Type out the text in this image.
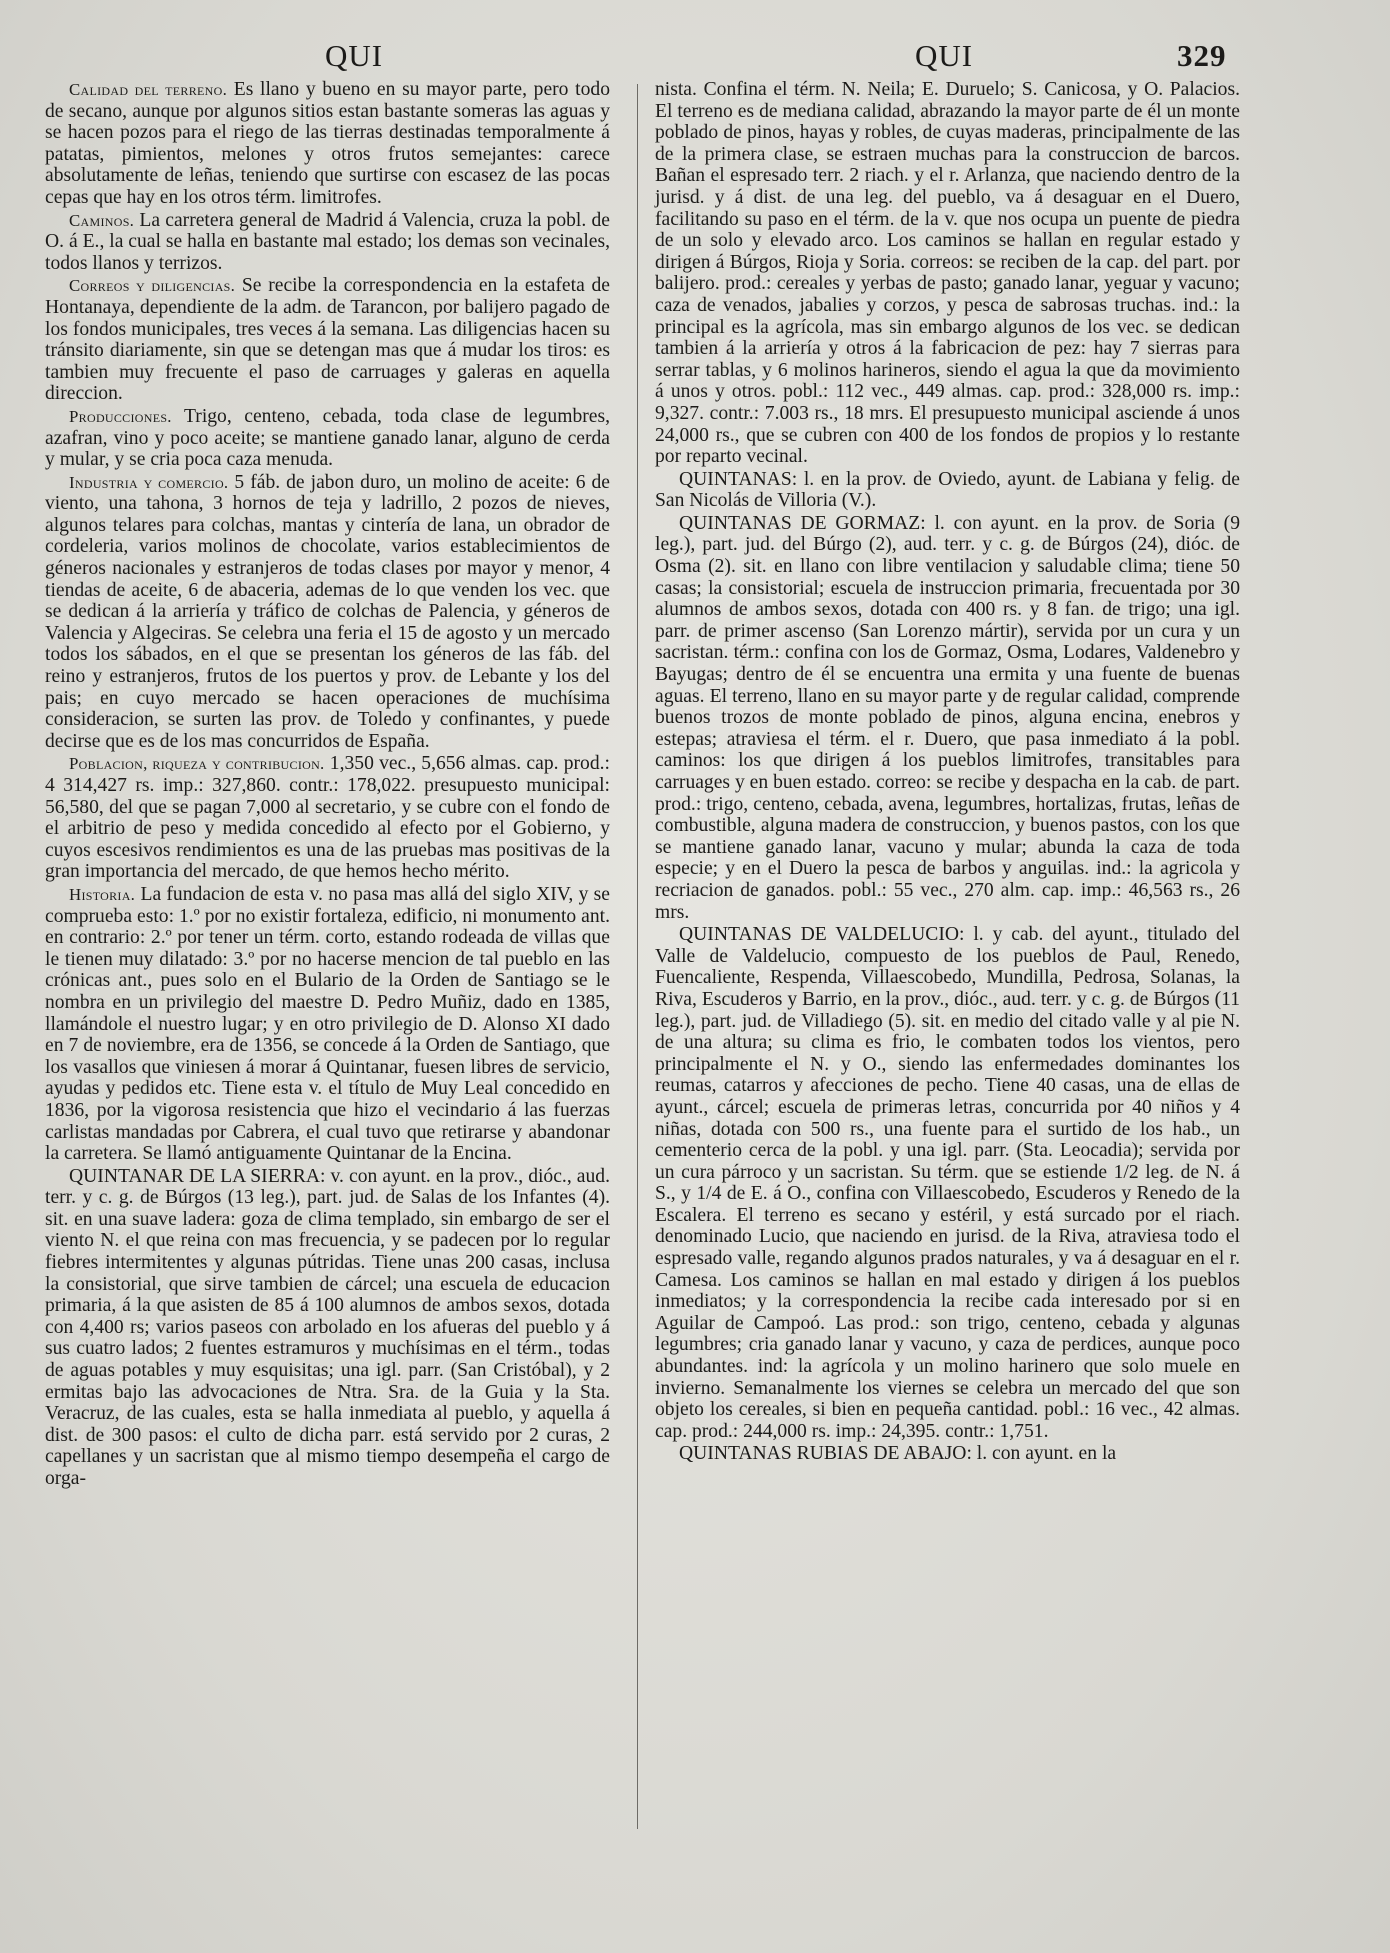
QUI	QUI	329

Calidad del terreno. Es llano y bueno en su mayor parte, pero todo de secano, aunque por algunos sitios estan bastante someras las aguas y se hacen pozos para el riego de las tierras destinadas temporalmente á patatas, pimientos, melones y otros frutos semejantes: carece absolutamente de leñas, teniendo que surtirse con escasez de las pocas cepas que hay en los otros térm. limitrofes.

Caminos. La carretera general de Madrid á Valencia, cruza la pobl. de O. á E., la cual se halla en bastante mal estado; los demas son vecinales, todos llanos y terrizos.

Correos y diligencias. Se recibe la correspondencia en la estafeta de Hontanaya, dependiente de la adm. de Tarancon, por balijero pagado de los fondos municipales, tres veces á la semana. Las diligencias hacen su tránsito diariamente, sin que se detengan mas que á mudar los tiros: es tambien muy frecuente el paso de carruages y galeras en aquella direccion.

Producciones. Trigo, centeno, cebada, toda clase de legumbres, azafran, vino y poco aceite; se mantiene ganado lanar, alguno de cerda y mular, y se cria poca caza menuda.

Industria y comercio. 5 fáb. de jabon duro, un molino de aceite: 6 de viento, una tahona, 3 hornos de teja y ladrillo, 2 pozos de nieves, algunos telares para colchas, mantas y cintería de lana, un obrador de cordeleria, varios molinos de chocolate, varios establecimientos de géneros nacionales y estranjeros de todas clases por mayor y menor, 4 tiendas de aceite, 6 de abaceria, ademas de lo que venden los vec. que se dedican á la arriería y tráfico de colchas de Palencia, y géneros de Valencia y Algeciras. Se celebra una feria el 15 de agosto y un mercado todos los sábados, en el que se presentan los géneros de las fáb. del reino y estranjeros, frutos de los puertos y prov. de Lebante y los del pais; en cuyo mercado se hacen operaciones de muchísima consideracion, se surten las prov. de Toledo y confinantes, y puede decirse que es de los mas concurridos de España.

Poblacion, riqueza y contribucion. 1,350 vec., 5,656 almas. cap. prod.: 4 314,427 rs. imp.: 327,860. contr.: 178,022. presupuesto municipal: 56,580, del que se pagan 7,000 al secretario, y se cubre con el fondo de el arbitrio de peso y medida concedido al efecto por el Gobierno, y cuyos escesivos rendimientos es una de las pruebas mas positivas de la gran importancia del mercado, de que hemos hecho mérito.

Historia. La fundacion de esta v. no pasa mas allá del siglo XIV, y se comprueba esto: 1.º por no existir fortaleza, edificio, ni monumento ant. en contrario: 2.º por tener un térm. corto, estando rodeada de villas que le tienen muy dilatado: 3.º por no hacerse mencion de tal pueblo en las crónicas ant., pues solo en el Bulario de la Orden de Santiago se le nombra en un privilegio del maestre D. Pedro Muñiz, dado en 1385, llamándole el nuestro lugar; y en otro privilegio de D. Alonso XI dado en 7 de noviembre, era de 1356, se concede á la Orden de Santiago, que los vasallos que viniesen á morar á Quintanar, fuesen libres de servicio, ayudas y pedidos etc. Tiene esta v. el título de Muy Leal concedido en 1836, por la vigorosa resistencia que hizo el vecindario á las fuerzas carlistas mandadas por Cabrera, el cual tuvo que retirarse y abandonar la carretera. Se llamó antiguamente Quintanar de la Encina.

QUINTANAR DE LA SIERRA: v. con ayunt. en la prov., dióc., aud. terr. y c. g. de Búrgos (13 leg.), part. jud. de Salas de los Infantes (4). sit. en una suave ladera: goza de clima templado, sin embargo de ser el viento N. el que reina con mas frecuencia, y se padecen por lo regular fiebres intermitentes y algunas pútridas. Tiene unas 200 casas, inclusa la consistorial, que sirve tambien de cárcel; una escuela de educacion primaria, á la que asisten de 85 á 100 alumnos de ambos sexos, dotada con 4,400 rs; varios paseos con arbolado en los afueras del pueblo y á sus cuatro lados; 2 fuentes estramuros y muchísimas en el térm., todas de aguas potables y muy esquisitas; una igl. parr. (San Cristóbal), y 2 ermitas bajo las advocaciones de Ntra. Sra. de la Guia y la Sta. Veracruz, de las cuales, esta se halla inmediata al pueblo, y aquella á dist. de 300 pasos: el culto de dicha parr. está servido por 2 curas, 2 capellanes y un sacristan que al mismo tiempo desempeña el cargo de orga-

nista. Confina el térm. N. Neila; E. Duruelo; S. Canicosa, y O. Palacios. El terreno es de mediana calidad, abrazando la mayor parte de él un monte poblado de pinos, hayas y robles, de cuyas maderas, principalmente de las de la primera clase, se estraen muchas para la construccion de barcos. Bañan el espresado terr. 2 riach. y el r. Arlanza, que naciendo dentro de la jurisd. y á dist. de una leg. del pueblo, va á desaguar en el Duero, facilitando su paso en el térm. de la v. que nos ocupa un puente de piedra de un solo y elevado arco. Los caminos se hallan en regular estado y dirigen á Búrgos, Rioja y Soria. correos: se reciben de la cap. del part. por balijero. prod.: cereales y yerbas de pasto; ganado lanar, yeguar y vacuno; caza de venados, jabalies y corzos, y pesca de sabrosas truchas. ind.: la principal es la agrícola, mas sin embargo algunos de los vec. se dedican tambien á la arriería y otros á la fabricacion de pez: hay 7 sierras para serrar tablas, y 6 molinos harineros, siendo el agua la que da movimiento á unos y otros. pobl.: 112 vec., 449 almas. cap. prod.: 328,000 rs. imp.: 9,327. contr.: 7.003 rs., 18 mrs. El presupuesto municipal asciende á unos 24,000 rs., que se cubren con 400 de los fondos de propios y lo restante por reparto vecinal.

QUINTANAS: l. en la prov. de Oviedo, ayunt. de Labiana y felig. de San Nicolás de Villoria (V.).

QUINTANAS DE GORMAZ: l. con ayunt. en la prov. de Soria (9 leg.), part. jud. del Búrgo (2), aud. terr. y c. g. de Búrgos (24), dióc. de Osma (2). sit. en llano con libre ventilacion y saludable clima; tiene 50 casas; la consistorial; escuela de instruccion primaria, frecuentada por 30 alumnos de ambos sexos, dotada con 400 rs. y 8 fan. de trigo; una igl. parr. de primer ascenso (San Lorenzo mártir), servida por un cura y un sacristan. térm.: confina con los de Gormaz, Osma, Lodares, Valdenebro y Bayugas; dentro de él se encuentra una ermita y una fuente de buenas aguas. El terreno, llano en su mayor parte y de regular calidad, comprende buenos trozos de monte poblado de pinos, alguna encina, enebros y estepas; atraviesa el térm. el r. Duero, que pasa inmediato á la pobl. caminos: los que dirigen á los pueblos limitrofes, transitables para carruages y en buen estado. correo: se recibe y despacha en la cab. de part. prod.: trigo, centeno, cebada, avena, legumbres, hortalizas, frutas, leñas de combustible, alguna madera de construccion, y buenos pastos, con los que se mantiene ganado lanar, vacuno y mular; abunda la caza de toda especie; y en el Duero la pesca de barbos y anguilas. ind.: la agricola y recriacion de ganados. pobl.: 55 vec., 270 alm. cap. imp.: 46,563 rs., 26 mrs.

QUINTANAS DE VALDELUCIO: l. y cab. del ayunt., titulado del Valle de Valdelucio, compuesto de los pueblos de Paul, Renedo, Fuencaliente, Respenda, Villaescobedo, Mundilla, Pedrosa, Solanas, la Riva, Escuderos y Barrio, en la prov., dióc., aud. terr. y c. g. de Búrgos (11 leg.), part. jud. de Villadiego (5). sit. en medio del citado valle y al pie N. de una altura; su clima es frio, le combaten todos los vientos, pero principalmente el N. y O., siendo las enfermedades dominantes los reumas, catarros y afecciones de pecho. Tiene 40 casas, una de ellas de ayunt., cárcel; escuela de primeras letras, concurrida por 40 niños y 4 niñas, dotada con 500 rs., una fuente para el surtido de los hab., un cementerio cerca de la pobl. y una igl. parr. (Sta. Leocadia); servida por un cura párroco y un sacristan. Su térm. que se estiende 1/2 leg. de N. á S., y 1/4 de E. á O., confina con Villaescobedo, Escuderos y Renedo de la Escalera. El terreno es secano y estéril, y está surcado por el riach. denominado Lucio, que naciendo en jurisd. de la Riva, atraviesa todo el espresado valle, regando algunos prados naturales, y va á desaguar en el r. Camesa. Los caminos se hallan en mal estado y dirigen á los pueblos inmediatos; y la correspondencia la recibe cada interesado por si en Aguilar de Campoó. Las prod.: son trigo, centeno, cebada y algunas legumbres; cria ganado lanar y vacuno, y caza de perdices, aunque poco abundantes. ind: la agrícola y un molino harinero que solo muele en invierno. Semanalmente los viernes se celebra un mercado del que son objeto los cereales, si bien en pequeña cantidad. pobl.: 16 vec., 42 almas. cap. prod.: 244,000 rs. imp.: 24,395. contr.: 1,751.

QUINTANAS RUBIAS DE ABAJO: l. con ayunt. en la
